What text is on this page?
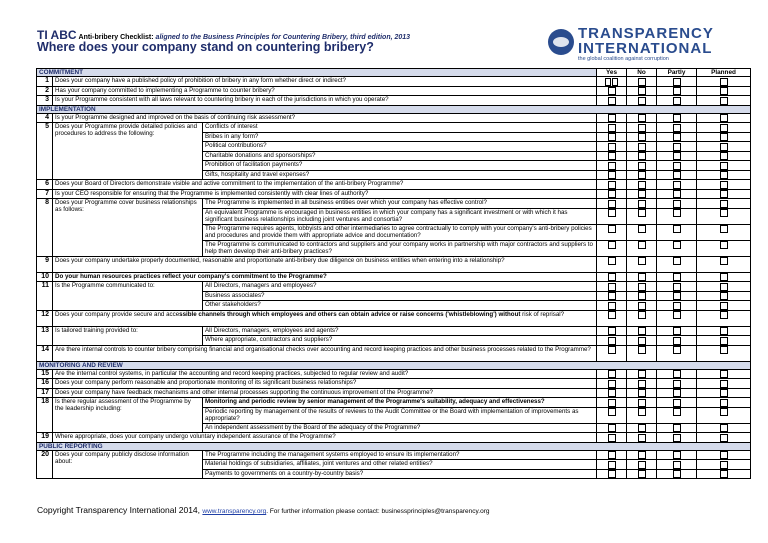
TI ABC Anti-bribery Checklist: aligned to the Business Principles for Countering Bribery, third edition, 2013
Where does your company stand on countering bribery?
TRANSPARENCY
INTERNATIONAL
the global coalition against corruption
COMMITMENT			Yes	No	Partly	Planned
1	Does your company have a published policy of prohibition of bribery in any form whether direct or indirect?					
2	Has your company committed to implementing a Programme to counter bribery?					
3	Is your Programme consistent with all laws relevant to countering bribery in each of the jurisdictions in which you operate?					
IMPLEMENTATION						
4	Is your Programme designed and improved on the basis of continuing risk assessment?					
5	Does your Programme provide detailed policies and procedures to address the following:	Conflicts of interest				
		Bribes in any form?				
		Political contributions?				
		Charitable donations and sponsorships?				
		Prohibition of facilitation payments?				
		Gifts, hospitality and travel expenses?				
6	Does your Board of Directors demonstrate visible and active commitment to the implementation of the anti-bribery Programme?					
7	Is your CEO responsible for ensuring that the Programme is implemented consistently with clear lines of authority?					
8	Does your Programme cover business relationships as follows:	The Programme is implemented in all business entities over which your company has effective control?				
		An equivalent Programme is encouraged in business entities in which your company has a significant investment or with which it has significant business relationships including joint ventures and consortia?				
		The Programme requires agents, lobbyists and other intermediaries to agree contractually to comply with your company's anti-bribery policies and procedures and provide them with appropriate advice and documentation?				
		The Programme is communicated to contractors and suppliers and your company works in partnership with major contractors and suppliers to help them develop their anti-bribery practices?				
9	Does your company undertake properly documented, reasonable and proportionate anti-bribery due diligence on business entities when entering into a relationship?					
10	Do your human resources practices reflect your company's commitment to the Programme?					
11	Is the Programme communicated to:	All Directors, managers and employees?				
		Business associates?				
		Other stakeholders?				
12	Does your company provide secure and accessible channels through which employees and others can obtain advice or raise concerns ('whistleblowing') without risk of reprisal?					
13	Is tailored training provided to:	All Directors, managers, employees and agents?				
		Where appropriate, contractors and suppliers?				
14	Are there internal controls to counter bribery comprising financial and organisational checks over accounting and record keeping practices and other business processes related to the Programme?					
MONITORING AND REVIEW						
15	Are the internal control systems, in particular the accounting and record keeping practices, subjected to regular review and audit?					
16	Does your company perform reasonable and proportionate monitoring of its significant business relationships?					
17	Does your company have feedback mechanisms and other internal processes supporting the continuous improvement of the Programme?					
18	Is there regular assessment of the Programme by the leadership including:	Monitoring and periodic review by senior management of the Programme's suitability, adequacy and effectiveness?				
		Periodic reporting by management of the results of reviews to the Audit Committee or the Board with implementation of improvements as appropriate?				
		An independent assessment by the Board of the adequacy of the Programme?				
19	Where appropriate, does your company undergo voluntary independent assurance of the Programme?					
PUBLIC REPORTING						
20	Does your company publicly disclose information about:	The Programme including the management systems employed to ensure its implementation?				
		Material holdings of subsidiaries, affiliates, joint ventures and other related entities?				
		Payments to governments on a country-by-country basis?				
Copyright Transparency International 2014, www.transparency.org. For further information please contact: businessprinciples@transparency.org
